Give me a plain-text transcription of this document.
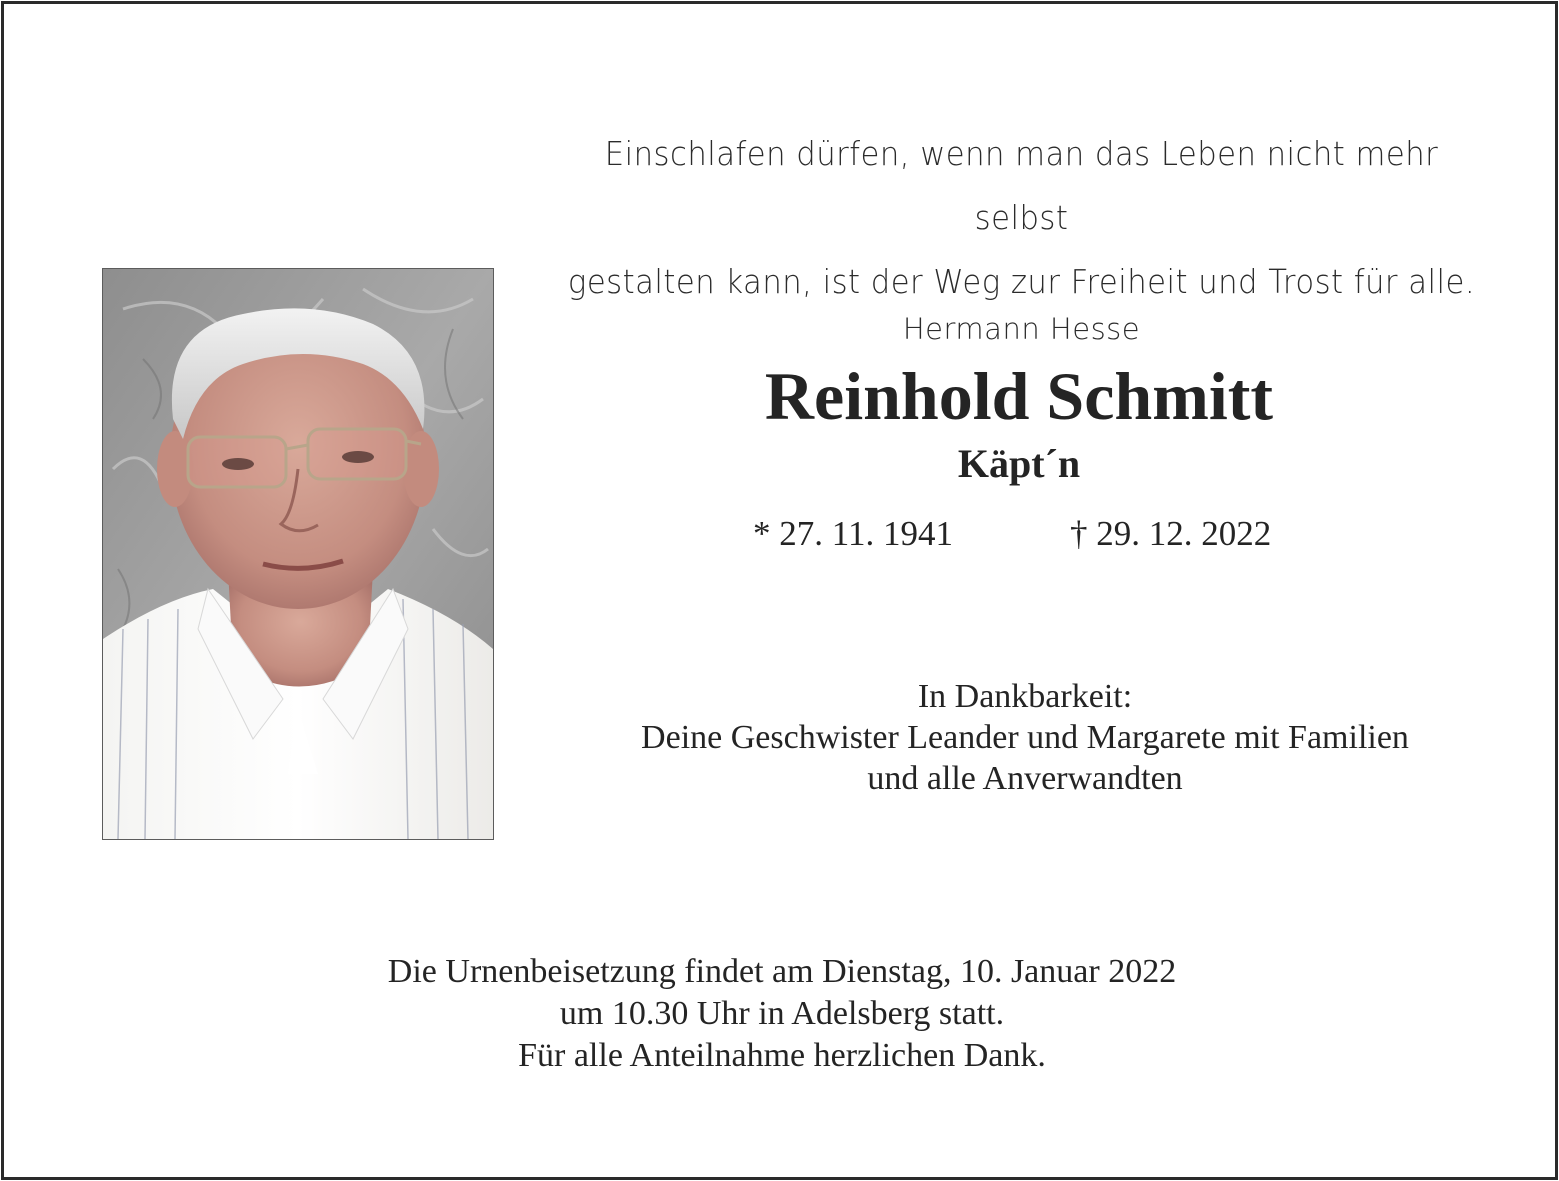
Einschlafen dürfen, wenn man das Leben nicht mehr selbst
gestalten kann, ist der Weg zur Freiheit und Trost für alle.
Hermann Hesse
Reinhold Schmitt
Käpt´n
* 27. 11. 1941	† 29. 12. 2022
In Dankbarkeit:
Deine Geschwister Leander und Margarete mit Familien
und alle Anverwandten
Die Urnenbeisetzung findet am Dienstag, 10. Januar 2022
um 10.30 Uhr in Adelsberg statt.
Für alle Anteilnahme herzlichen Dank.
